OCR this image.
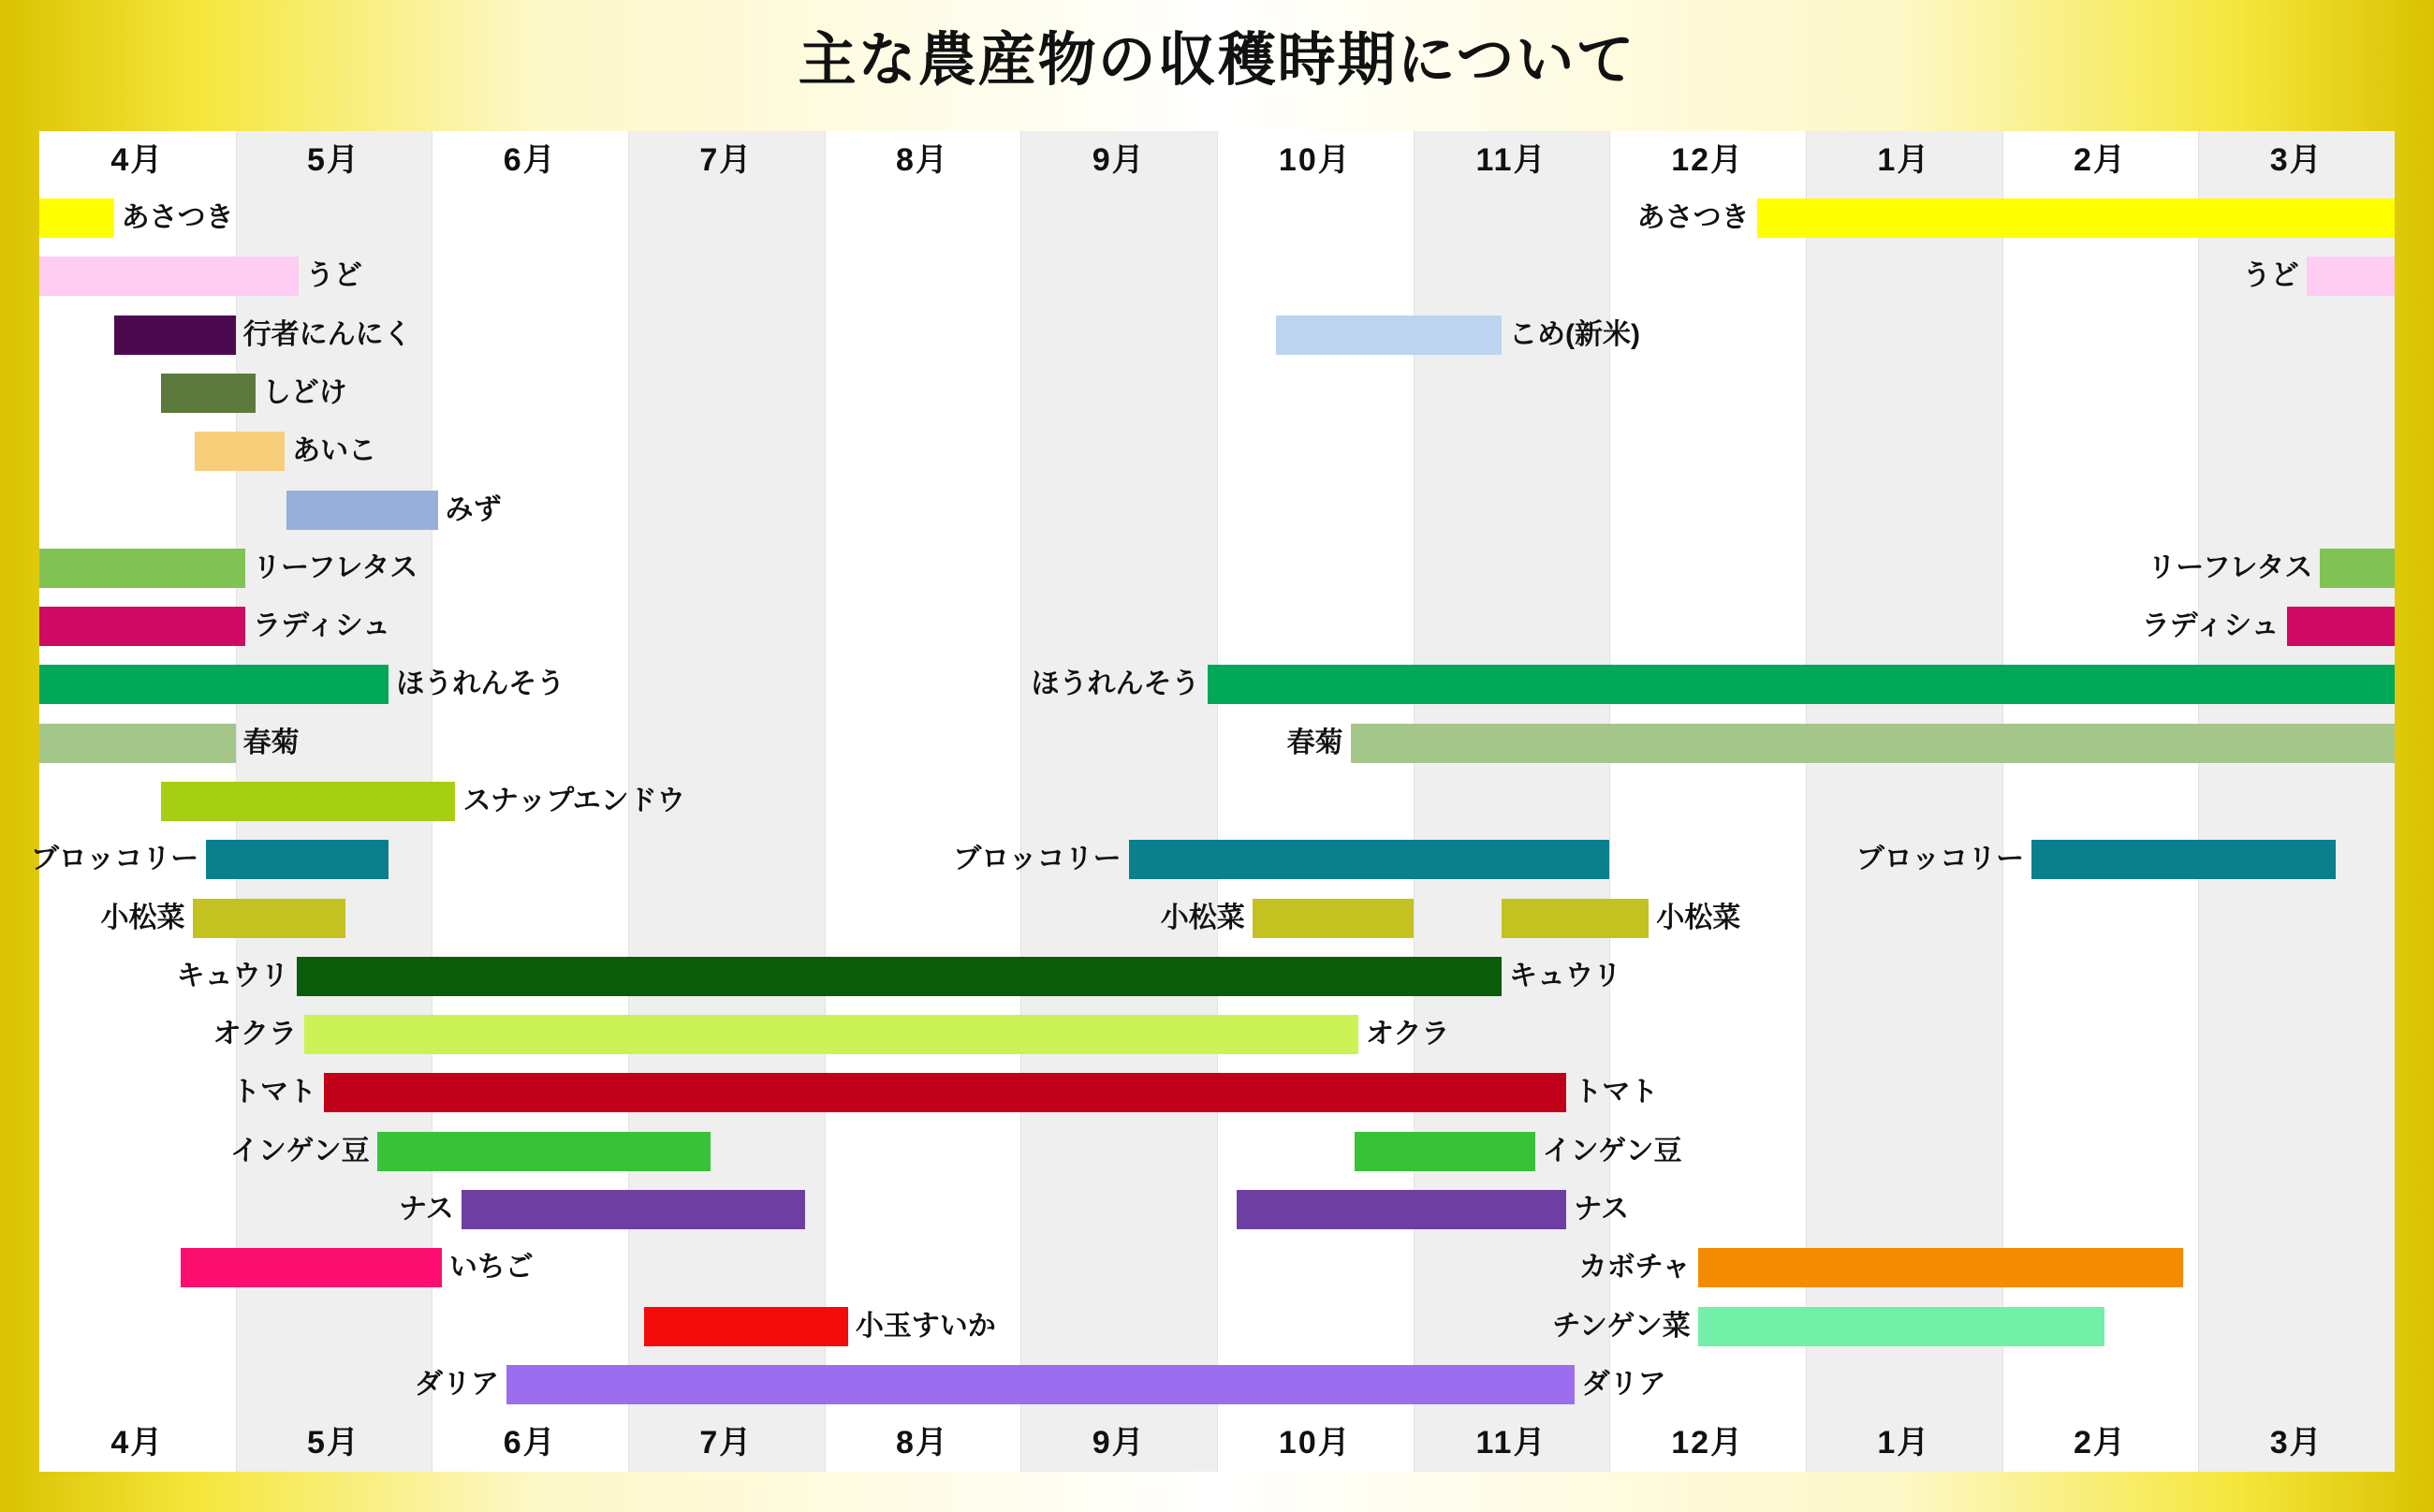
主な農産物の収穫時期について
4月	5月	6月	7月	8月	9月	10月	11月	12月	1月	2月	3月
あさつき	あさつき
うど	うど
行者にんにく	こめ(新米)
しどけ
あいこ
みず
リーフレタス	リーフレタス
ラディシュ	ラディシュ
ほうれんそう	ほうれんそう
春菊	春菊
スナップエンドウ
ブロッコリー	ブロッコリー	ブロッコリー
小松菜	小松菜	小松菜
キュウリ	キュウリ
オクラ	オクラ
トマト	トマト
インゲン豆	インゲン豆
ナス	ナス
いちご	カボチャ
小玉すいか	チンゲン菜
ダリア	ダリア
4月	5月	6月	7月	8月	9月	10月	11月	12月	1月	2月	3月
